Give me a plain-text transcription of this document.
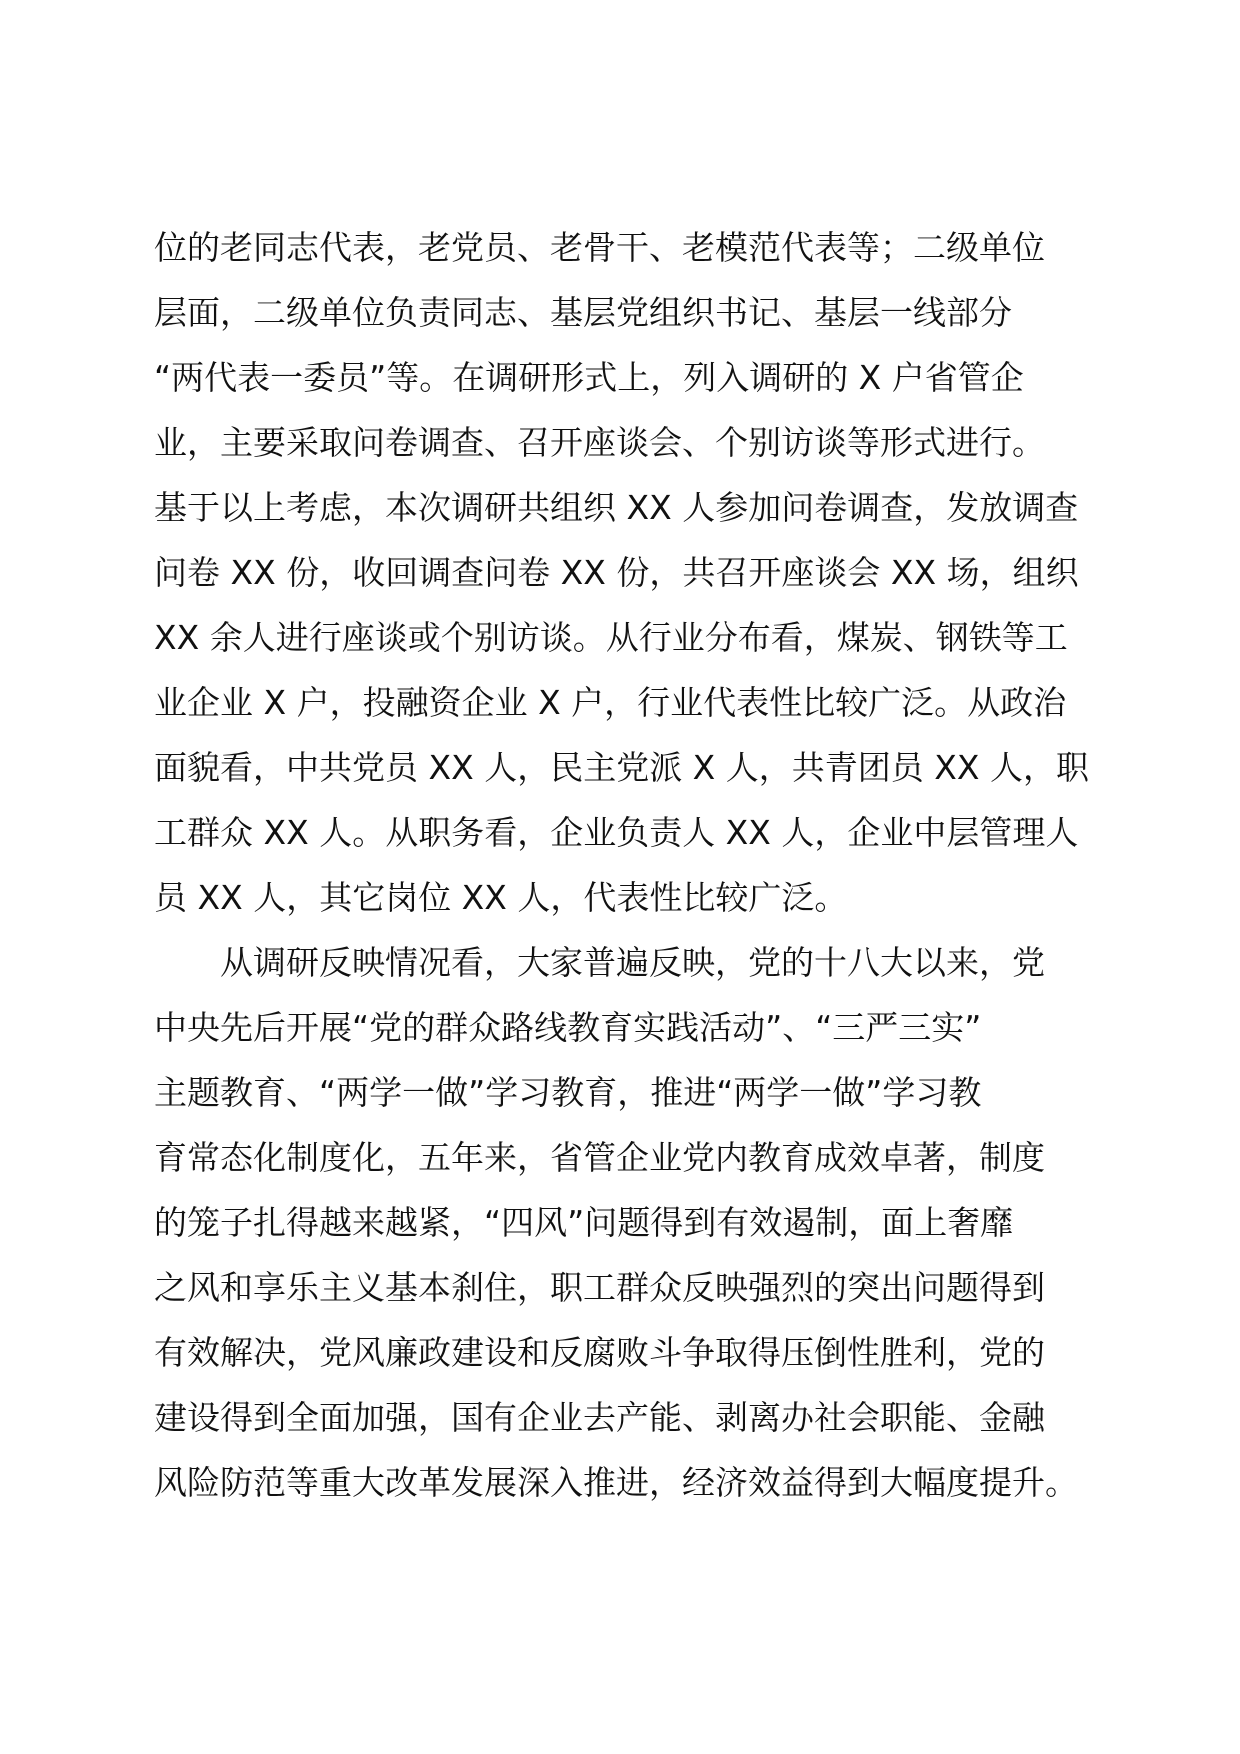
位的老同志代表，老党员、老骨干、老模范代表等；二级单位
层面，二级单位负责同志、基层党组织书记、基层一线部分
“两代表一委员”等。在调研形式上，列入调研的 X 户省管企
业，主要采取问卷调查、召开座谈会、个别访谈等形式进行。
基于以上考虑，本次调研共组织 XX 人参加问卷调查，发放调查
问卷 XX 份，收回调查问卷 XX 份，共召开座谈会 XX 场，组织
XX 余人进行座谈或个别访谈。从行业分布看，煤炭、钢铁等工
业企业 X 户，投融资企业 X 户，行业代表性比较广泛。从政治
面貌看，中共党员 XX 人，民主党派 X 人，共青团员 XX 人，职
工群众 XX 人。从职务看，企业负责人 XX 人，企业中层管理人
员 XX 人，其它岗位 XX 人，代表性比较广泛。
从调研反映情况看，大家普遍反映，党的十八大以来，党
中央先后开展“党的群众路线教育实践活动”、“三严三实”
主题教育、“两学一做”学习教育，推进“两学一做”学习教
育常态化制度化，五年来，省管企业党内教育成效卓著，制度
的笼子扎得越来越紧，“四风”问题得到有效遏制，面上奢靡
之风和享乐主义基本刹住，职工群众反映强烈的突出问题得到
有效解决，党风廉政建设和反腐败斗争取得压倒性胜利，党的
建设得到全面加强，国有企业去产能、剥离办社会职能、金融
风险防范等重大改革发展深入推进，经济效益得到大幅度提升。
